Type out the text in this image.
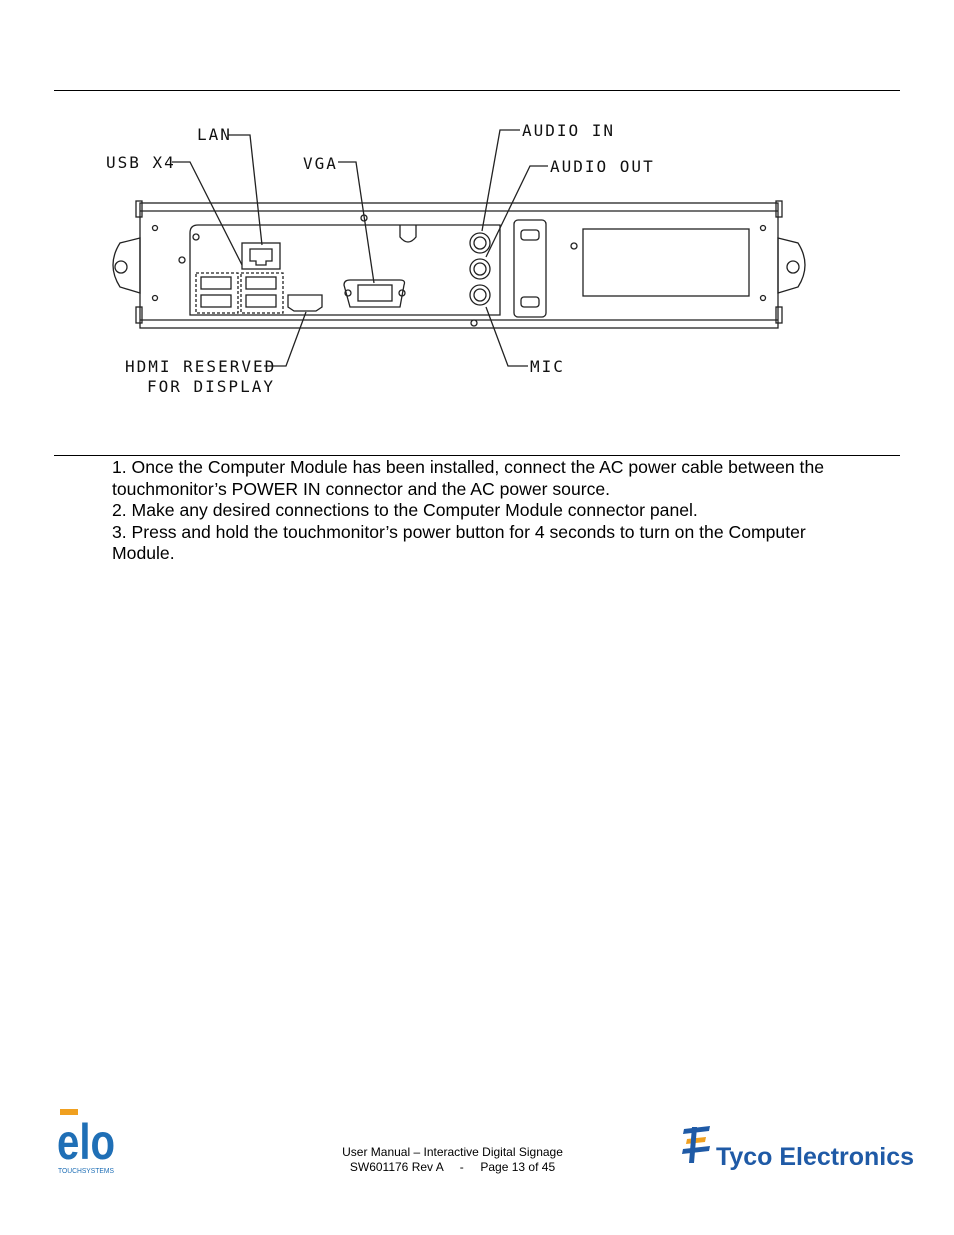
LAN
USB X4	VGA
AUDIO IN
AUDIO OUT
HDMI RESERVED
FOR DISPLAY
MIC
1. Once the Computer Module has been installed, connect the AC power cable between the touchmonitor’s POWER IN connector and the AC power source.
2. Make any desired connections to the Computer Module connector panel.
3. Press and hold the touchmonitor’s power button for 4 seconds to turn on the Computer Module.
elo
TOUCHSYSTEMS
User Manual – Interactive Digital Signage
SW601176 Rev A     -     Page 13 of 45	Tyco Electronics
